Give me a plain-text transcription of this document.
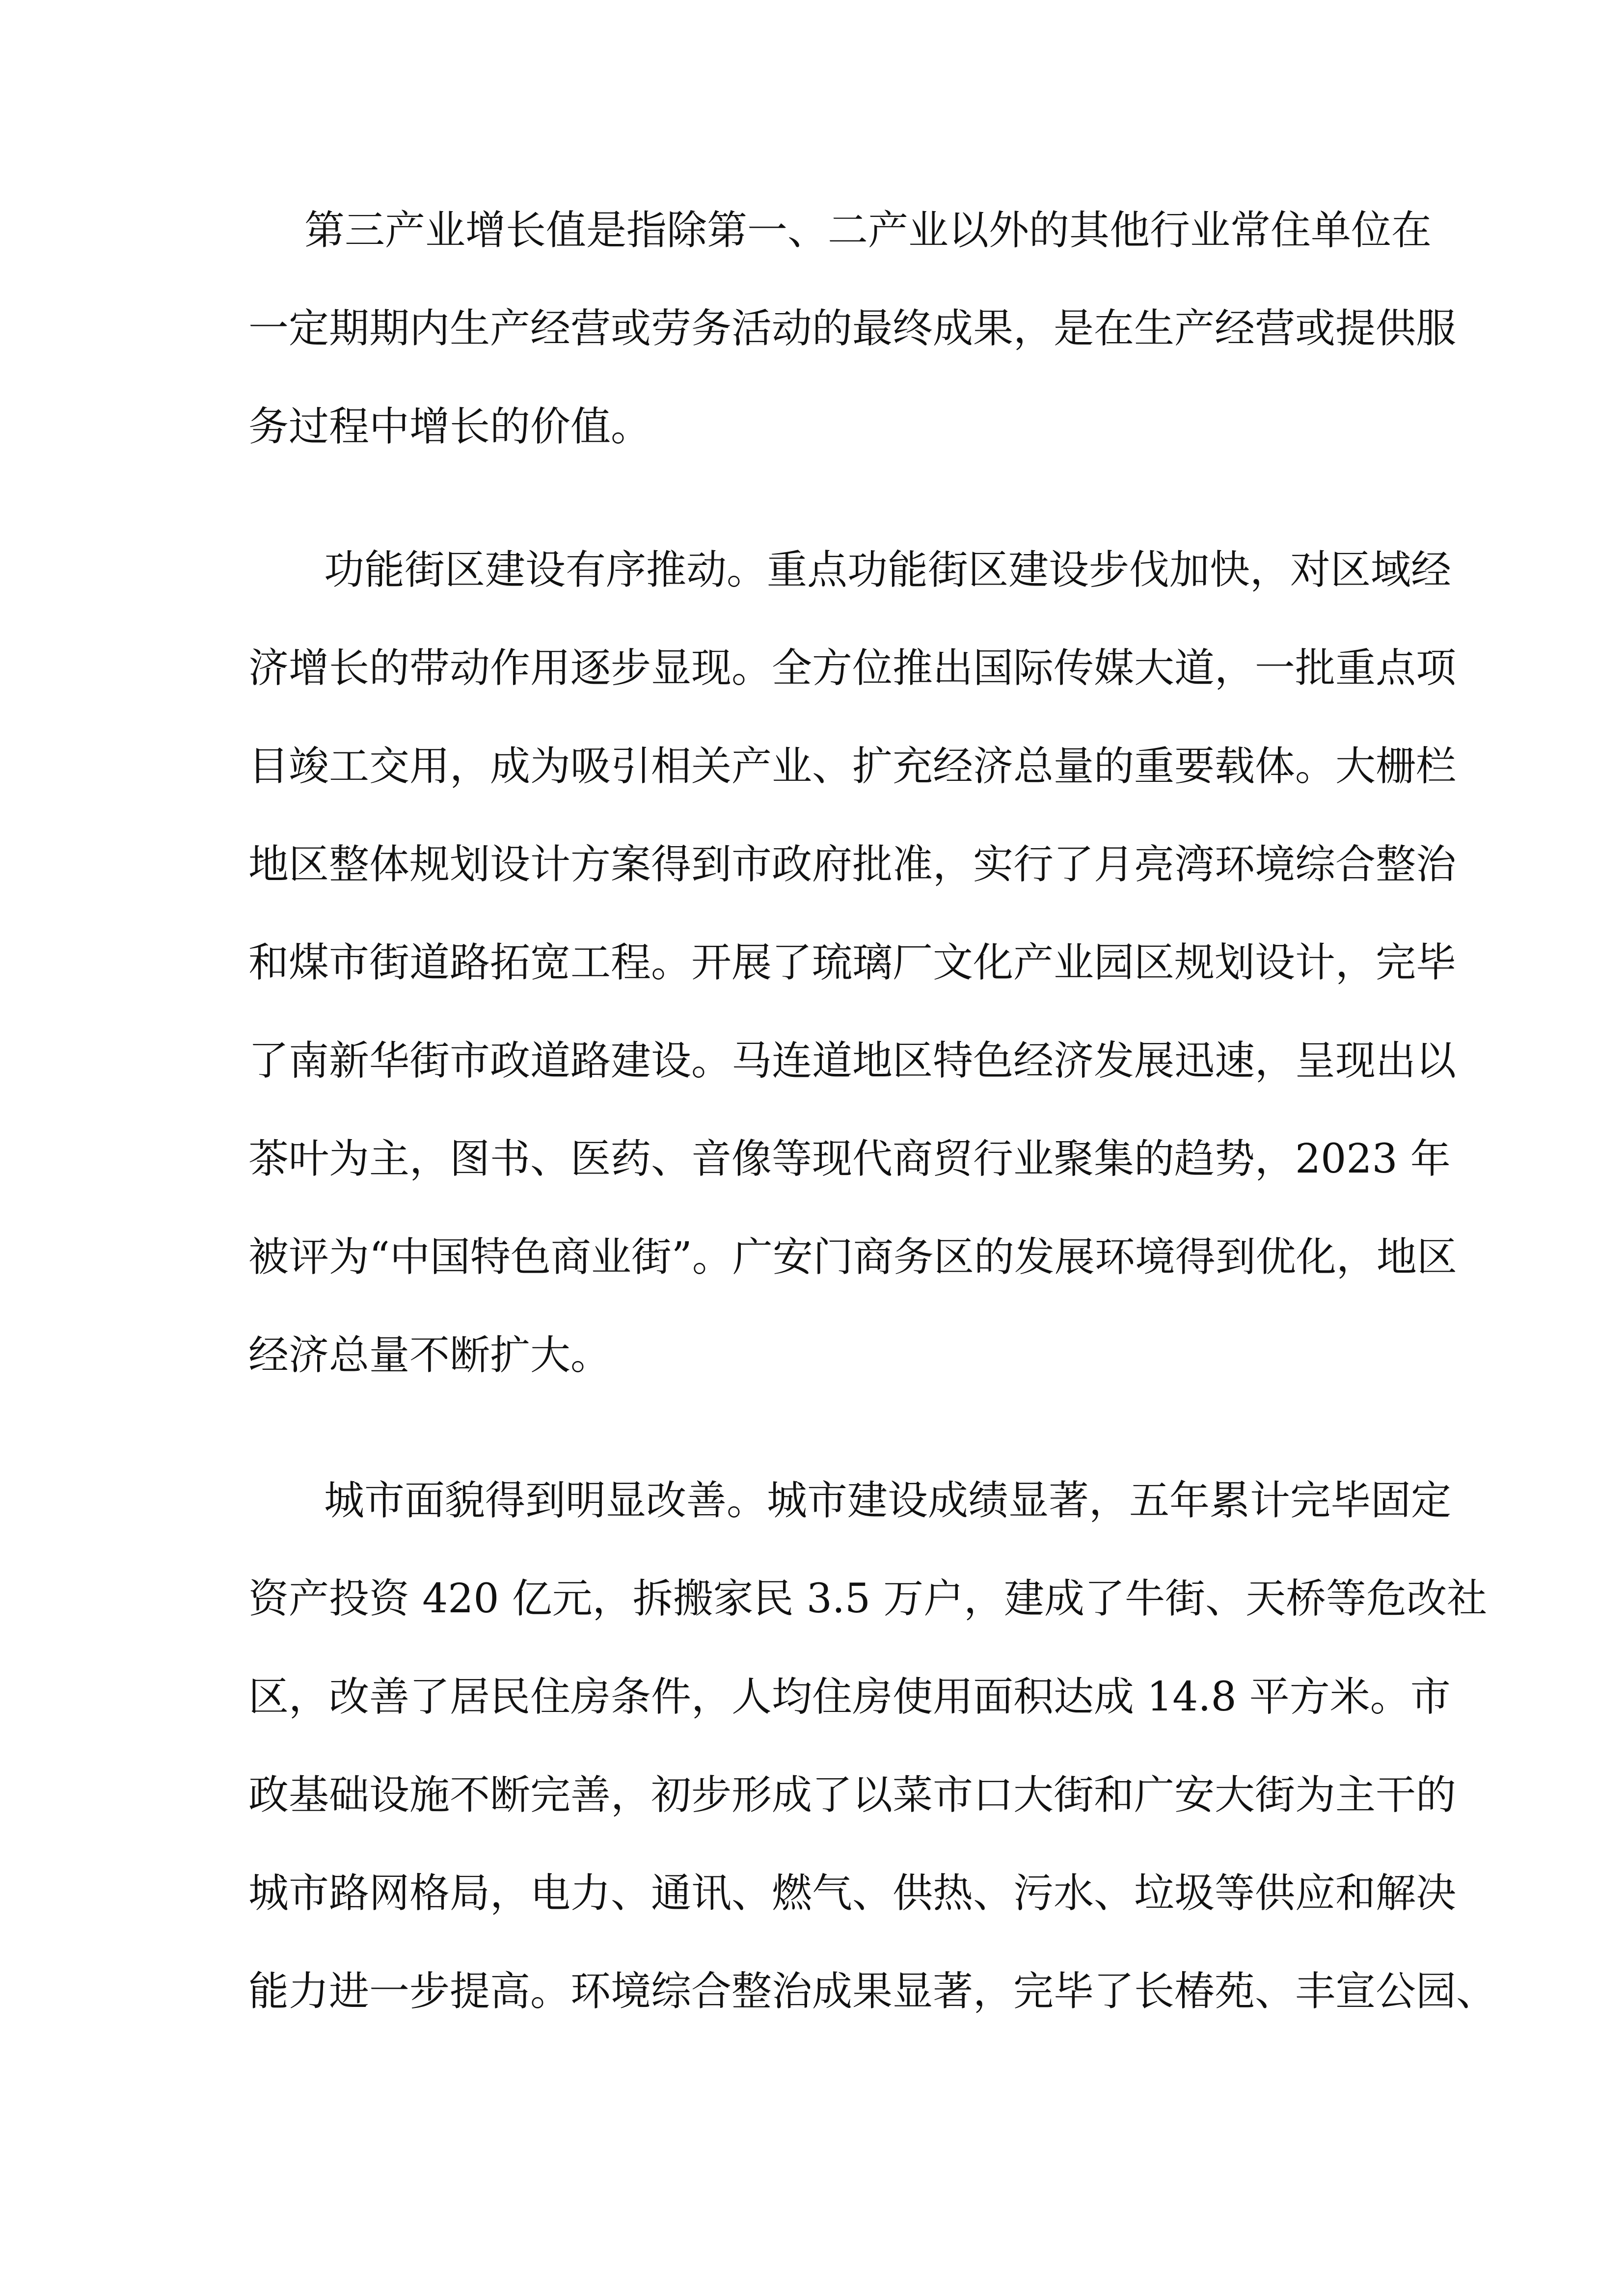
第三产业增长值是指除第一、二产业以外的其他行业常住单位在
一定期期内生产经营或劳务活动的最终成果，是在生产经营或提供服
务过程中增长的价值。
功能街区建设有序推动。重点功能街区建设步伐加快，对区域经
济增长的带动作用逐步显现。全方位推出国际传媒大道，一批重点项
目竣工交用，成为吸引相关产业、扩充经济总量的重要载体。大栅栏
地区整体规划设计方案得到市政府批准，实行了月亮湾环境综合整治
和煤市街道路拓宽工程。开展了琉璃厂文化产业园区规划设计，完毕
了南新华街市政道路建设。马连道地区特色经济发展迅速，呈现出以
茶叶为主，图书、医药、音像等现代商贸行业聚集的趋势，2023 年
被评为“中国特色商业街”。广安门商务区的发展环境得到优化，地区
经济总量不断扩大。
城市面貌得到明显改善。城市建设成绩显著，五年累计完毕固定
资产投资 420 亿元，拆搬家民 3.5 万户，建成了牛街、天桥等危改社
区，改善了居民住房条件，人均住房使用面积达成 14.8 平方米。市
政基础设施不断完善，初步形成了以菜市口大街和广安大街为主干的
城市路网格局，电力、通讯、燃气、供热、污水、垃圾等供应和解决
能力进一步提高。环境综合整治成果显著，完毕了长椿苑、丰宣公园、
